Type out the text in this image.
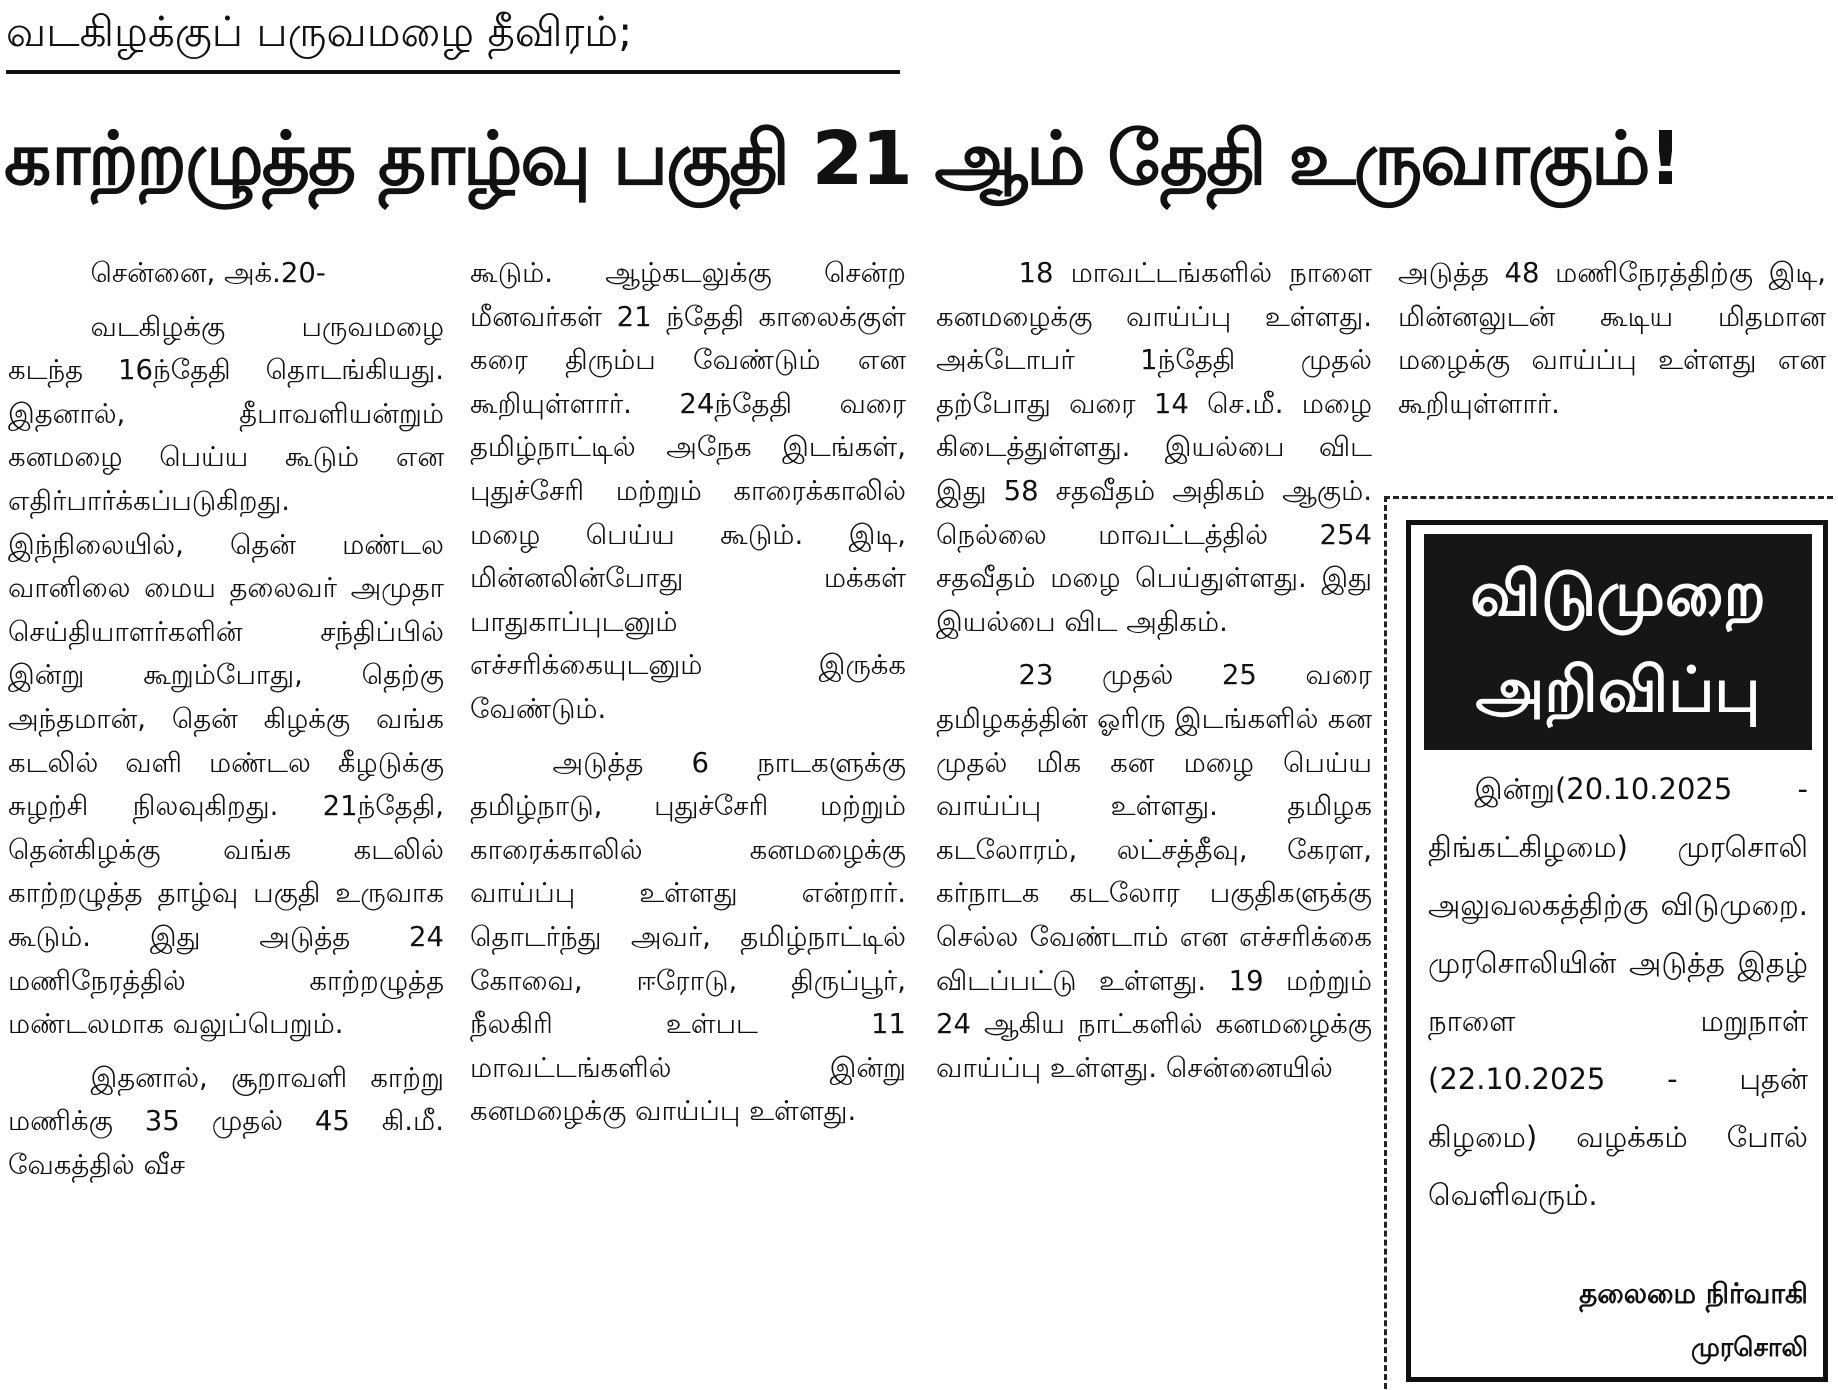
வடகிழக்குப் பருவமழை தீவிரம்;
காற்றழுத்த தாழ்வு பகுதி 21 ஆம் தேதி உருவாகும்!

சென்னை, அக்.20-

வடகிழக்கு பருவமழை கடந்த 16ந்தேதி தொடங்கியது. இதனால், தீபாவளியன்றும் கனமழை பெய்ய கூடும் என எதிர்பார்க்கப்படுகிறது. இந்நிலையில், தென் மண்டல வானிலை மைய தலைவர் அமுதா செய்தியாளர்களின் சந்திப்பில் இன்று கூறும்போது, தெற்கு அந்தமான், தென் கிழக்கு வங்க கடலில் வளி மண்டல கீழடுக்கு சுழற்சி நிலவுகிறது. 21ந்தேதி, தென்கிழக்கு வங்க கடலில் காற்றழுத்த தாழ்வு பகுதி உருவாக கூடும். இது அடுத்த 24 மணிநேரத்தில் காற்றழுத்த மண்டலமாக வலுப்பெறும்.

இதனால், சூறாவளி காற்று மணிக்கு 35 முதல் 45 கி.மீ. வேகத்தில் வீச

கூடும். ஆழ்கடலுக்கு சென்ற மீனவர்கள் 21 ந்தேதி காலைக்குள் கரை திரும்ப வேண்டும் என கூறியுள்ளார். 24ந்தேதி வரை தமிழ்நாட்டில் அநேக இடங்கள், புதுச்சேரி மற்றும் காரைக்காலில் மழை பெய்ய கூடும். இடி, மின்னலின்போது மக்கள் பாதுகாப்புடனும் எச்சரிக்கையுடனும் இருக்க வேண்டும்.

அடுத்த 6 நாடகளுக்கு தமிழ்நாடு, புதுச்சேரி மற்றும் காரைக்காலில் கனமழைக்கு வாய்ப்பு உள்ளது என்றார். தொடர்ந்து அவர், தமிழ்நாட்டில் கோவை, ஈரோடு, திருப்பூர், நீலகிரி உள்பட 11 மாவட்டங்களில் இன்று கனமழைக்கு வாய்ப்பு உள்ளது.

18 மாவட்டங்களில் நாளை கனமழைக்கு வாய்ப்பு உள்ளது. அக்டோபர் 1ந்தேதி முதல் தற்போது வரை 14 செ.மீ. மழை கிடைத்துள்ளது. இயல்பை விட இது 58 சதவீதம் அதிகம் ஆகும். நெல்லை மாவட்டத்தில் 254 சதவீதம் மழை பெய்துள்ளது. இது இயல்பை விட அதிகம்.

23 முதல் 25 வரை தமிழகத்தின் ஓரிரு இடங்களில் கன முதல் மிக கன மழை பெய்ய வாய்ப்பு உள்ளது. தமிழக கடலோரம், லட்சத்தீவு, கேரள, கர்நாடக கடலோர பகுதிகளுக்கு செல்ல வேண்டாம் என எச்சரிக்கை விடப்பட்டு உள்ளது. 19 மற்றும் 24 ஆகிய நாட்களில் கனமழைக்கு வாய்ப்பு உள்ளது. சென்னையில்

அடுத்த 48 மணிநேரத்திற்கு இடி, மின்னலுடன் கூடிய மிதமான மழைக்கு வாய்ப்பு உள்ளது என கூறியுள்ளார்.

விடுமுறை
அறிவிப்பு

இன்று(20.10.2025 - திங்கட்கிழமை) முரசொலி அலுவலகத்திற்கு விடுமுறை. முரசொலியின் அடுத்த இதழ் நாளை மறுநாள் (22.10.2025 - புதன் கிழமை) வழக்கம் போல் வெளிவரும்.

தலைமை நிர்வாகி
முரசொலி
